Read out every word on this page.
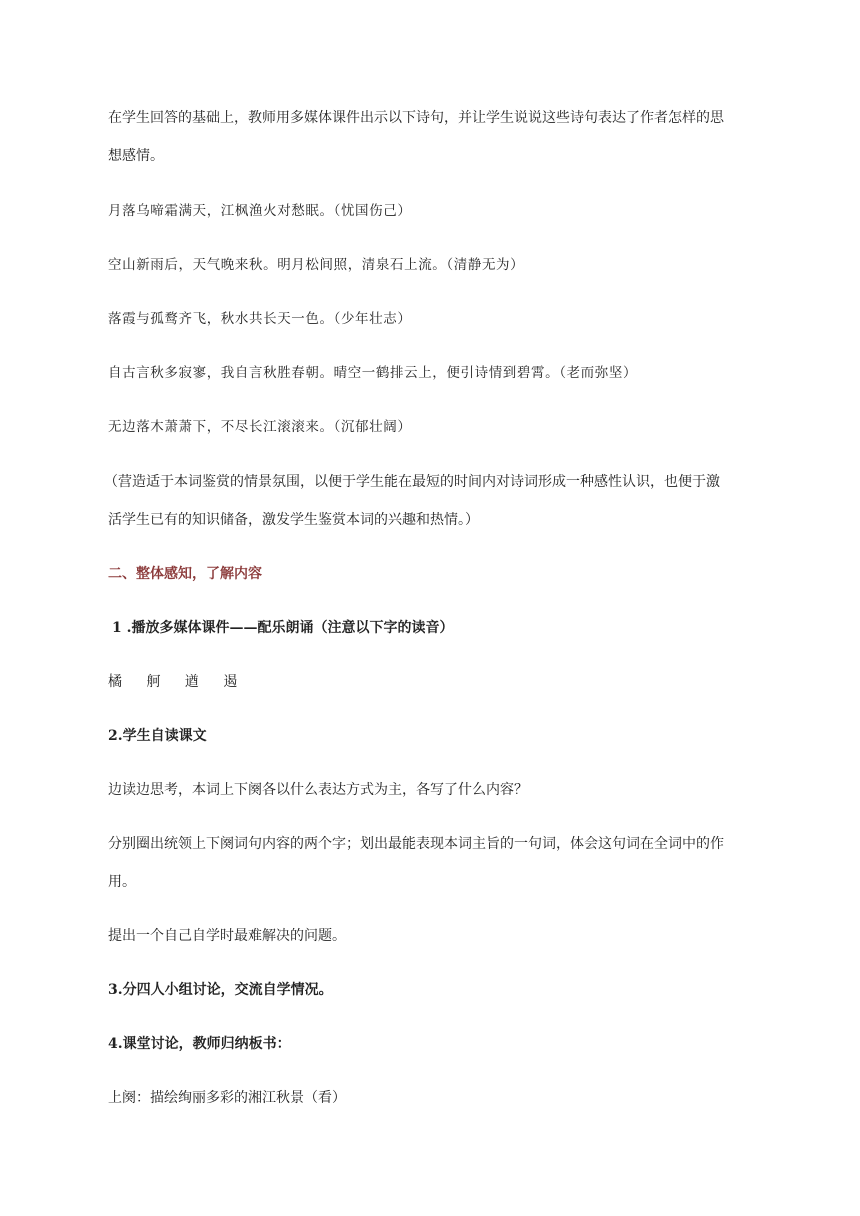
在学生回答的基础上，教师用多媒体课件出示以下诗句，并让学生说说这些诗句表达了作者怎样的思
想感情。
月落乌啼霜满天，江枫渔火对愁眠。（忧国伤己）
空山新雨后，天气晚来秋。明月松间照，清泉石上流。（清静无为）
落霞与孤鹜齐飞，秋水共长天一色。（少年壮志）
自古言秋多寂寥，我自言秋胜春朝。晴空一鹤排云上，便引诗情到碧霄。（老而弥坚）
无边落木萧萧下，不尽长江滚滚来。（沉郁壮阔）
（营造适于本词鉴赏的情景氛围，以便于学生能在最短的时间内对诗词形成一种感性认识，也便于激
活学生已有的知识储备，激发学生鉴赏本词的兴趣和热情。）
二、整体感知，了解内容
1 .播放多媒体课件——配乐朗诵（注意以下字的读音）
橘 舸 遒 遏
2.学生自读课文
边读边思考，本词上下阕各以什么表达方式为主，各写了什么内容？
分别圈出统领上下阕词句内容的两个字；划出最能表现本词主旨的一句词，体会这句词在全词中的作
用。
提出一个自己自学时最难解决的问题。
3.分四人小组讨论，交流自学情况。
4.课堂讨论，教师归纳板书：
上阕：描绘绚丽多彩的湘江秋景（看）
